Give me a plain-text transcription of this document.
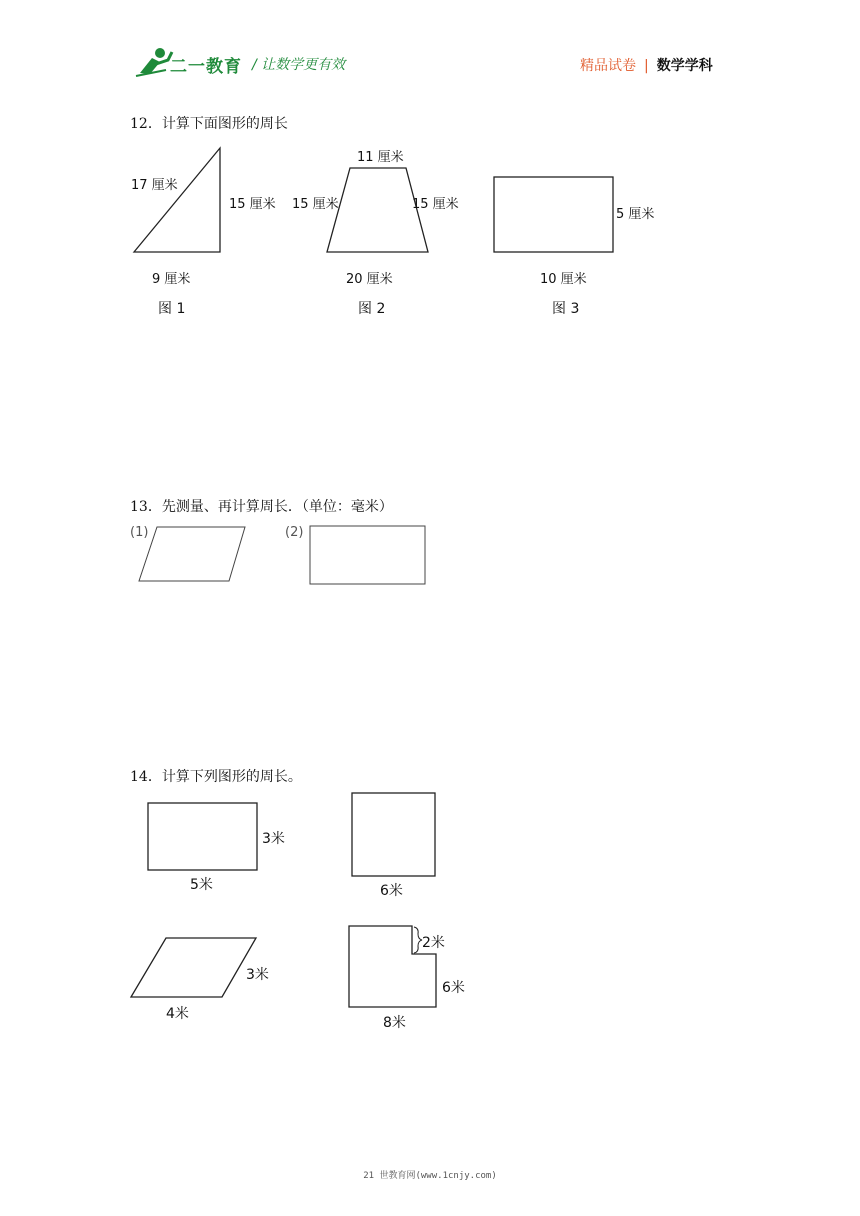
二一教育 / 让数学更有效	精品试卷 | 数学学科
12．计算下面图形的周长
17 厘米
15 厘米
9 厘米
图 1
11 厘米
15 厘米	15 厘米
20 厘米
图 2
5 厘米
10 厘米
图 3
13．先测量、再计算周长．（单位：毫米）
(1)	(2)
14．计算下列图形的周长。
3米
5米	6米
3米
4米
2米
6米
8米
21 世教育网(www.1cnjy.com)
